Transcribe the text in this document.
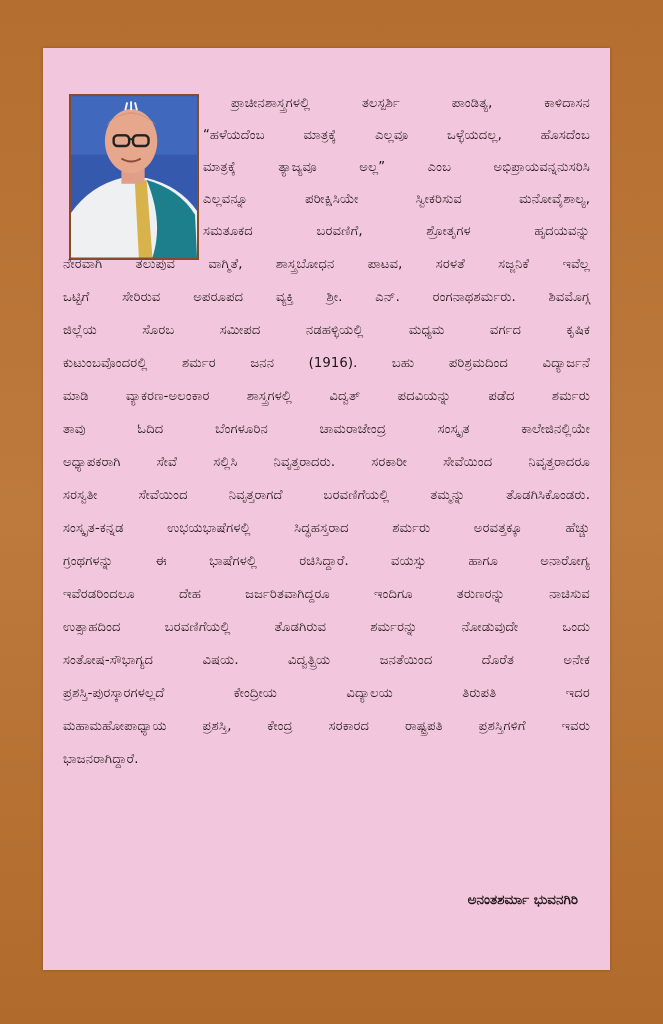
ಪ್ರಾಚೀನಶಾಸ್ತ್ರಗಳಲ್ಲಿ ತಲಸ್ಪರ್ಶಿ ಪಾಂಡಿತ್ಯ, ಕಾಳಿದಾಸನ
“ಹಳೆಯದೆಂಬ ಮಾತ್ರಕ್ಕೆ ಎಲ್ಲವೂ ಒಳ್ಳೆಯದಲ್ಲ, ಹೊಸದೆಂಬ
ಮಾತ್ರಕ್ಕೆ ತ್ಯಾಜ್ಯವೂ ಅಲ್ಲ” ಎಂಬ ಅಭಿಪ್ರಾಯವನ್ನನುಸರಿಸಿ
ಎಲ್ಲವನ್ನೂ ಪರೀಕ್ಷಿಸಿಯೇ ಸ್ವೀಕರಿಸುವ ಮನೋವೈಶಾಲ್ಯ,
ಸಮತೂಕದ ಬರವಣಿಗೆ, ಶ್ರೋತೃಗಳ ಹೃದಯವನ್ನು
ನೇರವಾಗಿ ತಲುಪುವ ವಾಗ್ಮಿತೆ, ಶಾಸ್ತ್ರಬೋಧನ ಪಾಟವ, ಸರಳತೆ ಸಜ್ಜನಿಕೆ ಇವೆಲ್ಲ
ಒಟ್ಟಿಗೆ ಸೇರಿರುವ ಅಪರೂಪದ ವ್ಯಕ್ತಿ ಶ್ರೀ. ಎನ್. ರಂಗನಾಥಶರ್ಮರು. ಶಿವಮೊಗ್ಗ
ಜಿಲ್ಲೆಯ ಸೊರಬ ಸಮೀಪದ ನಡಹಳ್ಳಿಯಲ್ಲಿ ಮಧ್ಯಮ ವರ್ಗದ ಕೃಷಿಕ
ಕುಟುಂಬವೊಂದರಲ್ಲಿ ಶರ್ಮರ ಜನನ (1916). ಬಹು ಪರಿಶ್ರಮದಿಂದ ವಿದ್ಯಾರ್ಜನೆ
ಮಾಡಿ ವ್ಯಾಕರಣ-ಅಲಂಕಾರ ಶಾಸ್ತ್ರಗಳಲ್ಲಿ ವಿದ್ವತ್ ಪದವಿಯನ್ನು ಪಡೆದ ಶರ್ಮರು
ತಾವು ಓದಿದ ಬೆಂಗಳೂರಿನ ಚಾಮರಾಜೇಂದ್ರ ಸಂಸ್ಕೃತ ಕಾಲೇಜಿನಲ್ಲಿಯೇ
ಅಧ್ಯಾಪಕರಾಗಿ ಸೇವೆ ಸಲ್ಲಿಸಿ ನಿವೃತ್ತರಾದರು. ಸರಕಾರೀ ಸೇವೆಯಿಂದ ನಿವೃತ್ತರಾದರೂ
ಸರಸ್ವತೀ ಸೇವೆಯಿಂದ ನಿವೃತ್ತರಾಗದೆ ಬರವಣಿಗೆಯಲ್ಲಿ ತಮ್ಮನ್ನು ತೊಡಗಿಸಿಕೊಂಡರು.
ಸಂಸ್ಕೃತ-ಕನ್ನಡ ಉಭಯಭಾಷೆಗಳಲ್ಲಿ ಸಿದ್ಧಹಸ್ತರಾದ ಶರ್ಮರು ಅರವತ್ತಕ್ಕೂ ಹೆಚ್ಚು
ಗ್ರಂಥಗಳನ್ನು ಈ ಭಾಷೆಗಳಲ್ಲಿ ರಚಿಸಿದ್ದಾರೆ. ವಯಸ್ಸು ಹಾಗೂ ಅನಾರೋಗ್ಯ
ಇವೆರಡರಿಂದಲೂ ದೇಹ ಜರ್ಜರಿತವಾಗಿದ್ದರೂ ಇಂದಿಗೂ ತರುಣರನ್ನು ನಾಚಿಸುವ
ಉತ್ಸಾಹದಿಂದ ಬರವಣಿಗೆಯಲ್ಲಿ ತೊಡಗಿರುವ ಶರ್ಮರನ್ನು ನೋಡುವುದೇ ಒಂದು
ಸಂತೋಷ-ಸೌಭಾಗ್ಯದ ವಿಷಯ. ವಿದ್ವತ್ಪ್ರಿಯ ಜನತೆಯಿಂದ ದೊರೆತ ಅನೇಕ
ಪ್ರಶಸ್ತಿ-ಪುರಸ್ಕಾರಗಳಲ್ಲದೆ ಕೇಂದ್ರೀಯ ವಿದ್ಯಾಲಯ ತಿರುಪತಿ ಇದರ
ಮಹಾಮಹೋಪಾಧ್ಯಾಯ ಪ್ರಶಸ್ತಿ, ಕೇಂದ್ರ ಸರಕಾರದ ರಾಷ್ಟ್ರಪತಿ ಪ್ರಶಸ್ತಿಗಳಿಗೆ ಇವರು
ಭಾಜನರಾಗಿದ್ದಾರೆ.
ಅನಂತಶರ್ಮಾ ಭುವನಗಿರಿ
